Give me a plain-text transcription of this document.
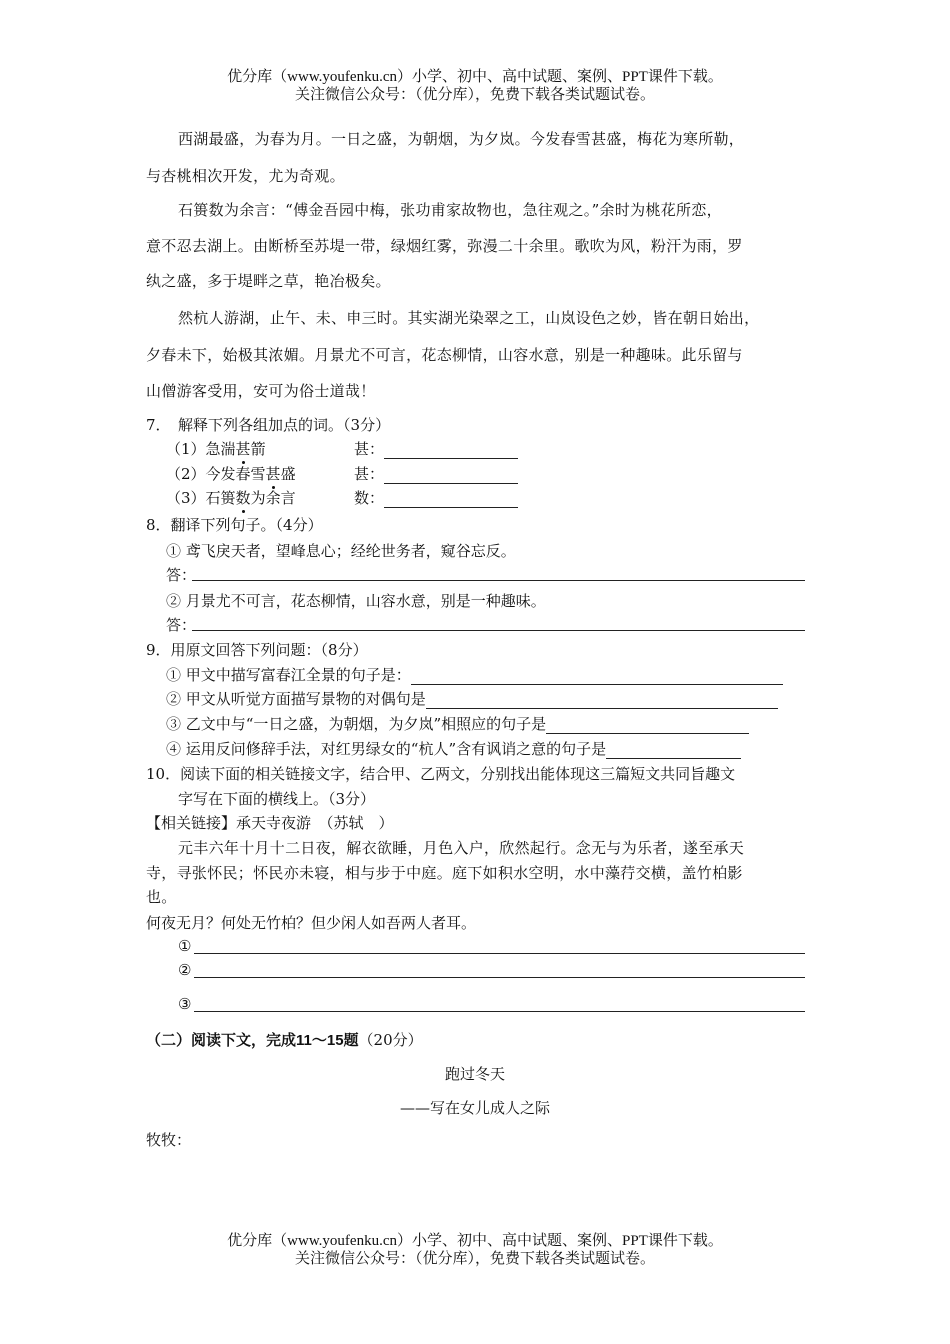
优分库（www.youfenku.cn）小学、初中、高中试题、案例、PPT课件下载。
关注微信公众号：（优分库），免费下载各类试题试卷。
西湖最盛，为春为月。一日之盛，为朝烟，为夕岚。今发春雪甚盛，梅花为寒所勒，
与杏桃相次开发，尤为奇观。
石篑数为余言：“傅金吾园中梅，张功甫家故物也，急往观之。”余时为桃花所恋，
意不忍去湖上。由断桥至苏堤一带，绿烟红雾，弥漫二十余里。歌吹为风，粉汗为雨，罗
纨之盛，多于堤畔之草，艳冶极矣。
然杭人游湖，止午、未、申三时。其实湖光染翠之工，山岚设色之妙，皆在朝日始出，
夕春未下，始极其浓媚。月景尤不可言，花态柳情，山容水意，别是一种趣味。此乐留与
山僧游客受用，安可为俗士道哉！
7．　解释下列各组加点的词。（3分）
（1）急湍甚箭	甚：
（2）今发春雪甚盛	甚：
（3）石篑数为余言	数：
8．翻译下列句子。（4分）
① 鸢飞戾天者，望峰息心；经纶世务者，窥谷忘反。
答：
② 月景尤不可言，花态柳情，山容水意，别是一种趣味。
答：
9．用原文回答下列问题：（8分）
① 甲文中描写富春江全景的句子是：
② 甲文从听觉方面描写景物的对偶句是
③ 乙文中与“一日之盛，为朝烟，为夕岚”相照应的句子是
④ 运用反问修辞手法，对红男绿女的“杭人”含有讽诮之意的句子是
10．阅读下面的相关链接文字，结合甲、乙两文，分别找出能体现这三篇短文共同旨趣文
字写在下面的横线上。（3分）
【相关链接】承天寺夜游　（苏轼　）
元丰六年十月十二日夜，解衣欲睡，月色入户，欣然起行。念无与为乐者，遂至承天
寺，寻张怀民；怀民亦未寝，相与步于中庭。庭下如积水空明，水中藻荇交横，盖竹柏影
也。
何夜无月？何处无竹柏？但少闲人如吾两人者耳。
①
②
③
（二）阅读下文，完成11～15题（20分）
跑过冬天
——写在女儿成人之际
牧牧：
优分库（www.youfenku.cn）小学、初中、高中试题、案例、PPT课件下载。
关注微信公众号：（优分库），免费下载各类试题试卷。
